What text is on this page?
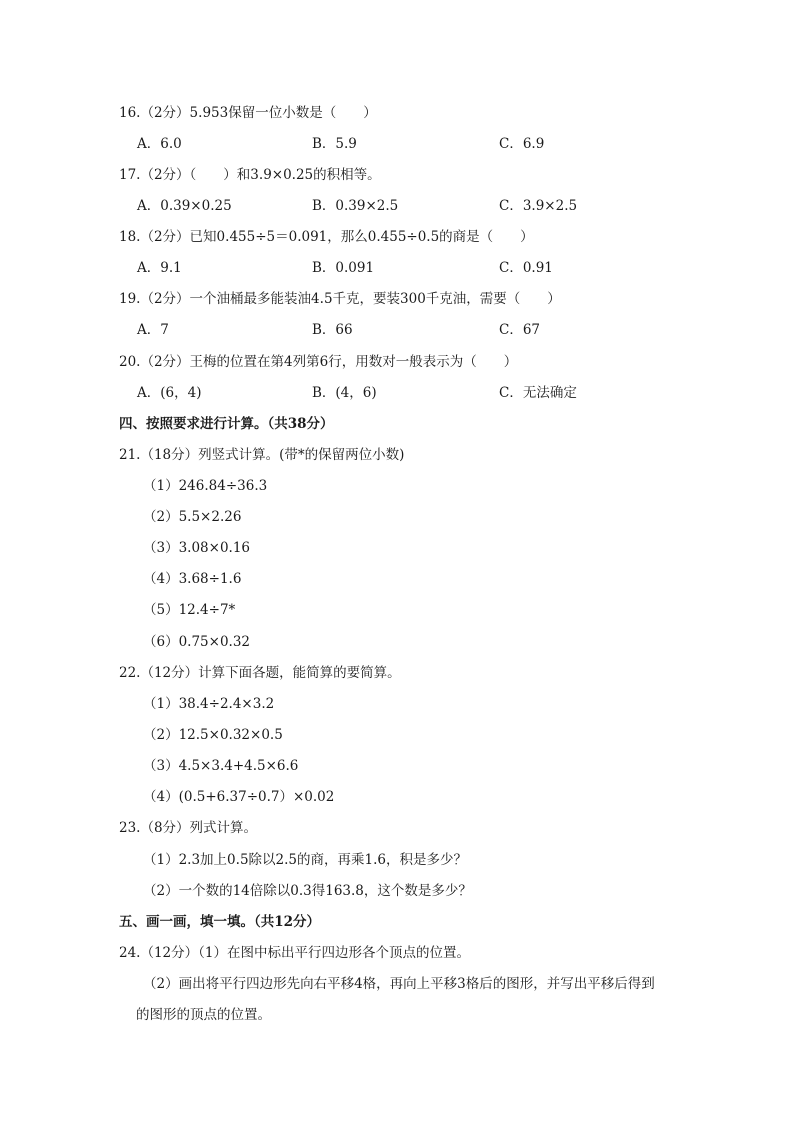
16.（2分）5.953保留一位小数是（　　）
A．6.0	B．5.9	C．6.9
17.（2分）（　　）和3.9×0.25的积相等。
A．0.39×0.25	B．0.39×2.5	C．3.9×2.5
18.（2分）已知0.455÷5＝0.091，那么0.455÷0.5的商是（　　）
A．9.1	B．0.091	C．0.91
19.（2分）一个油桶最多能装油4.5千克，要装300千克油，需要（　　）
A．7	B．66	C．67
20.（2分）王梅的位置在第4列第6行，用数对一般表示为（　　）
A．(6，4)	B．(4，6)	C．无法确定
四、按照要求进行计算。（共38分）
21.（18分）列竖式计算。(带*的保留两位小数)
（1）246.84÷36.3
（2）5.5×2.26
（3）3.08×0.16
（4）3.68÷1.6
（5）12.4÷7*
（6）0.75×0.32
22.（12分）计算下面各题，能简算的要简算。
（1）38.4÷2.4×3.2
（2）12.5×0.32×0.5
（3）4.5×3.4+4.5×6.6
（4）(0.5+6.37÷0.7）×0.02
23.（8分）列式计算。
（1）2.3加上0.5除以2.5的商，再乘1.6，积是多少？
（2）一个数的14倍除以0.3得163.8，这个数是多少？
五、画一画，填一填。（共12分）
24.（12分）（1）在图中标出平行四边形各个顶点的位置。
（2）画出将平行四边形先向右平移4格，再向上平移3格后的图形，并写出平移后得到
的图形的顶点的位置。
